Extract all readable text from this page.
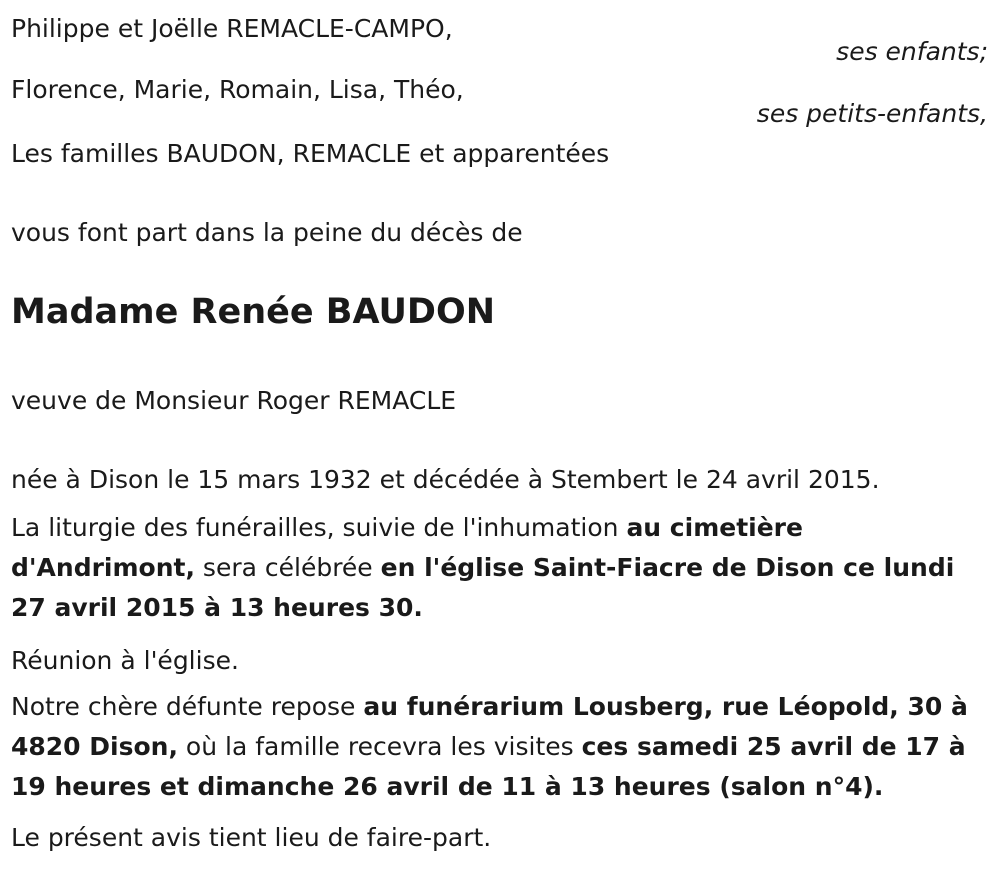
Philippe et Joëlle REMACLE-CAMPO,
ses enfants;
Florence, Marie, Romain, Lisa, Théo,
ses petits-enfants,
Les familles BAUDON, REMACLE et apparentées
vous font part dans la peine du décès de
Madame Renée BAUDON
veuve de Monsieur Roger REMACLE
née à Dison le 15 mars 1932 et décédée à Stembert le 24 avril 2015.
La liturgie des funérailles, suivie de l'inhumation au cimetière d'Andrimont, sera célébrée en l'église Saint-Fiacre de Dison ce lundi 27 avril 2015 à 13 heures 30.
Réunion à l'église.
Notre chère défunte repose au funérarium Lousberg, rue Léopold, 30 à 4820 Dison, où la famille recevra les visites ces samedi 25 avril de 17 à 19 heures et dimanche 26 avril de 11 à 13 heures (salon n°4).
Le présent avis tient lieu de faire-part.
